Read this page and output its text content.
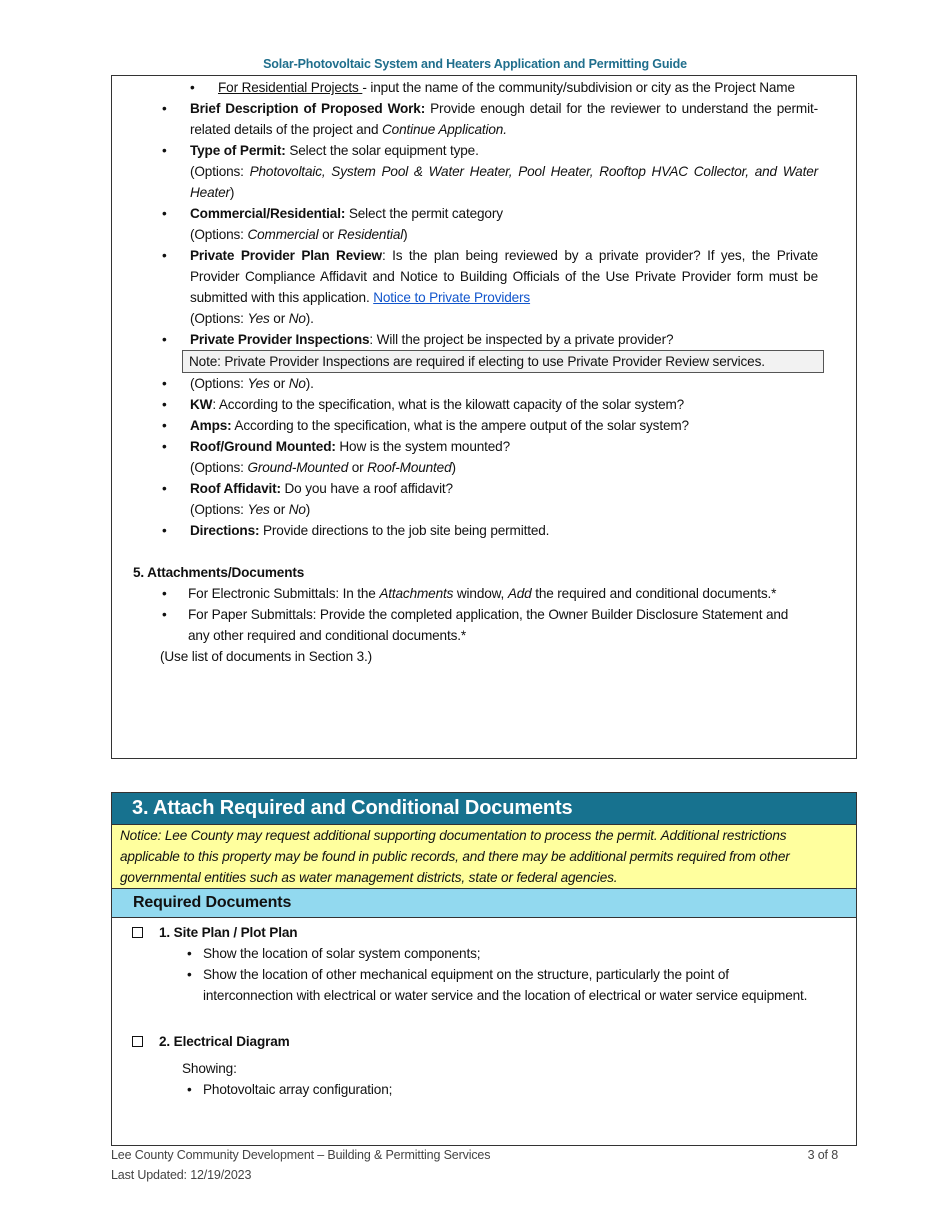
Solar-Photovoltaic System and Heaters Application and Permitting Guide
• For Residential Projects - input the name of the community/subdivision or city as the Project Name
• Brief Description of Proposed Work: Provide enough detail for the reviewer to understand the permit-related details of the project and Continue Application.
• Type of Permit: Select the solar equipment type.
(Options: Photovoltaic, System Pool & Water Heater, Pool Heater, Rooftop HVAC Collector, and Water Heater)
• Commercial/Residential: Select the permit category
(Options: Commercial or Residential)
• Private Provider Plan Review: Is the plan being reviewed by a private provider? If yes, the Private Provider Compliance Affidavit and Notice to Building Officials of the Use Private Provider form must be submitted with this application. Notice to Private Providers
(Options: Yes or No).
• Private Provider Inspections: Will the project be inspected by a private provider?
Note: Private Provider Inspections are required if electing to use Private Provider Review services.
• (Options: Yes or No).
• KW: According to the specification, what is the kilowatt capacity of the solar system?
• Amps: According to the specification, what is the ampere output of the solar system?
• Roof/Ground Mounted: How is the system mounted?
(Options: Ground-Mounted or Roof-Mounted)
• Roof Affidavit: Do you have a roof affidavit?
(Options: Yes or No)
• Directions: Provide directions to the job site being permitted.
5. Attachments/Documents
• For Electronic Submittals: In the Attachments window, Add the required and conditional documents.*
• For Paper Submittals: Provide the completed application, the Owner Builder Disclosure Statement and any other required and conditional documents.*
(Use list of documents in Section 3.)
3. Attach Required and Conditional Documents
Notice: Lee County may request additional supporting documentation to process the permit. Additional restrictions applicable to this property may be found in public records, and there may be additional permits required from other governmental entities such as water management districts, state or federal agencies.
Required Documents
1. Site Plan / Plot Plan
• Show the location of solar system components;
• Show the location of other mechanical equipment on the structure, particularly the point of interconnection with electrical or water service and the location of electrical or water service equipment.
2. Electrical Diagram
Showing:
• Photovoltaic array configuration;
Lee County Community Development – Building & Permitting Services	3 of 8
Last Updated: 12/19/2023
